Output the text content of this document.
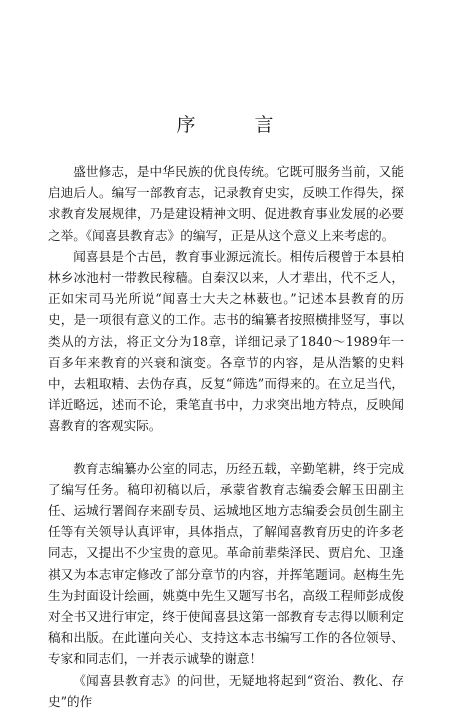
序　言

盛世修志，是中华民族的优良传统。它既可服务当前，又能启迪后人。编写一部教育志，记录教育史实，反映工作得失，探求教育发展规律，乃是建设精神文明、促进教育事业发展的必要之举。《闻喜县教育志》的编写，正是从这个意义上来考虑的。

闻喜县是个古邑，教育事业源远流长。相传后稷曾于本县柏林乡冰池村一带教民稼穑。自秦汉以来，人才辈出，代不乏人，正如宋司马光所说“闻喜士大夫之林薮也。”记述本县教育的历史，是一项很有意义的工作。志书的编纂者按照横排竖写，事以类从的方法，将正文分为18章，详细记录了1840～1989年一百多年来教育的兴衰和演变。各章节的内容，是从浩繁的史料中，去粗取精、去伪存真，反复“筛选”而得来的。在立足当代，详近略远，述而不论，秉笔直书中，力求突出地方特点，反映闻喜教育的客观实际。

教育志编纂办公室的同志，历经五载，辛勤笔耕，终于完成了编写任务。稿印初稿以后，承蒙省教育志编委会解玉田副主任、运城行署阎存来副专员、运城地区地方志编委会员创生副主任等有关领导认真评审，具体指点，了解闻喜教育历史的许多老同志，又提出不少宝贵的意见。革命前辈柴泽民、贾启允、卫逢祺又为本志审定修改了部分章节的内容，并挥笔题词。赵梅生先生为封面设计绘画，姚奠中先生又题写书名，高级工程师彭成俊对全书又进行审定，终于使闻喜县这第一部教育专志得以顺利定稿和出版。在此谨向关心、支持这本志书编写工作的各位领导、专家和同志们，一并表示诚挚的谢意！

《闻喜县教育志》的问世，无疑地将起到“资治、教化、存史”的作
